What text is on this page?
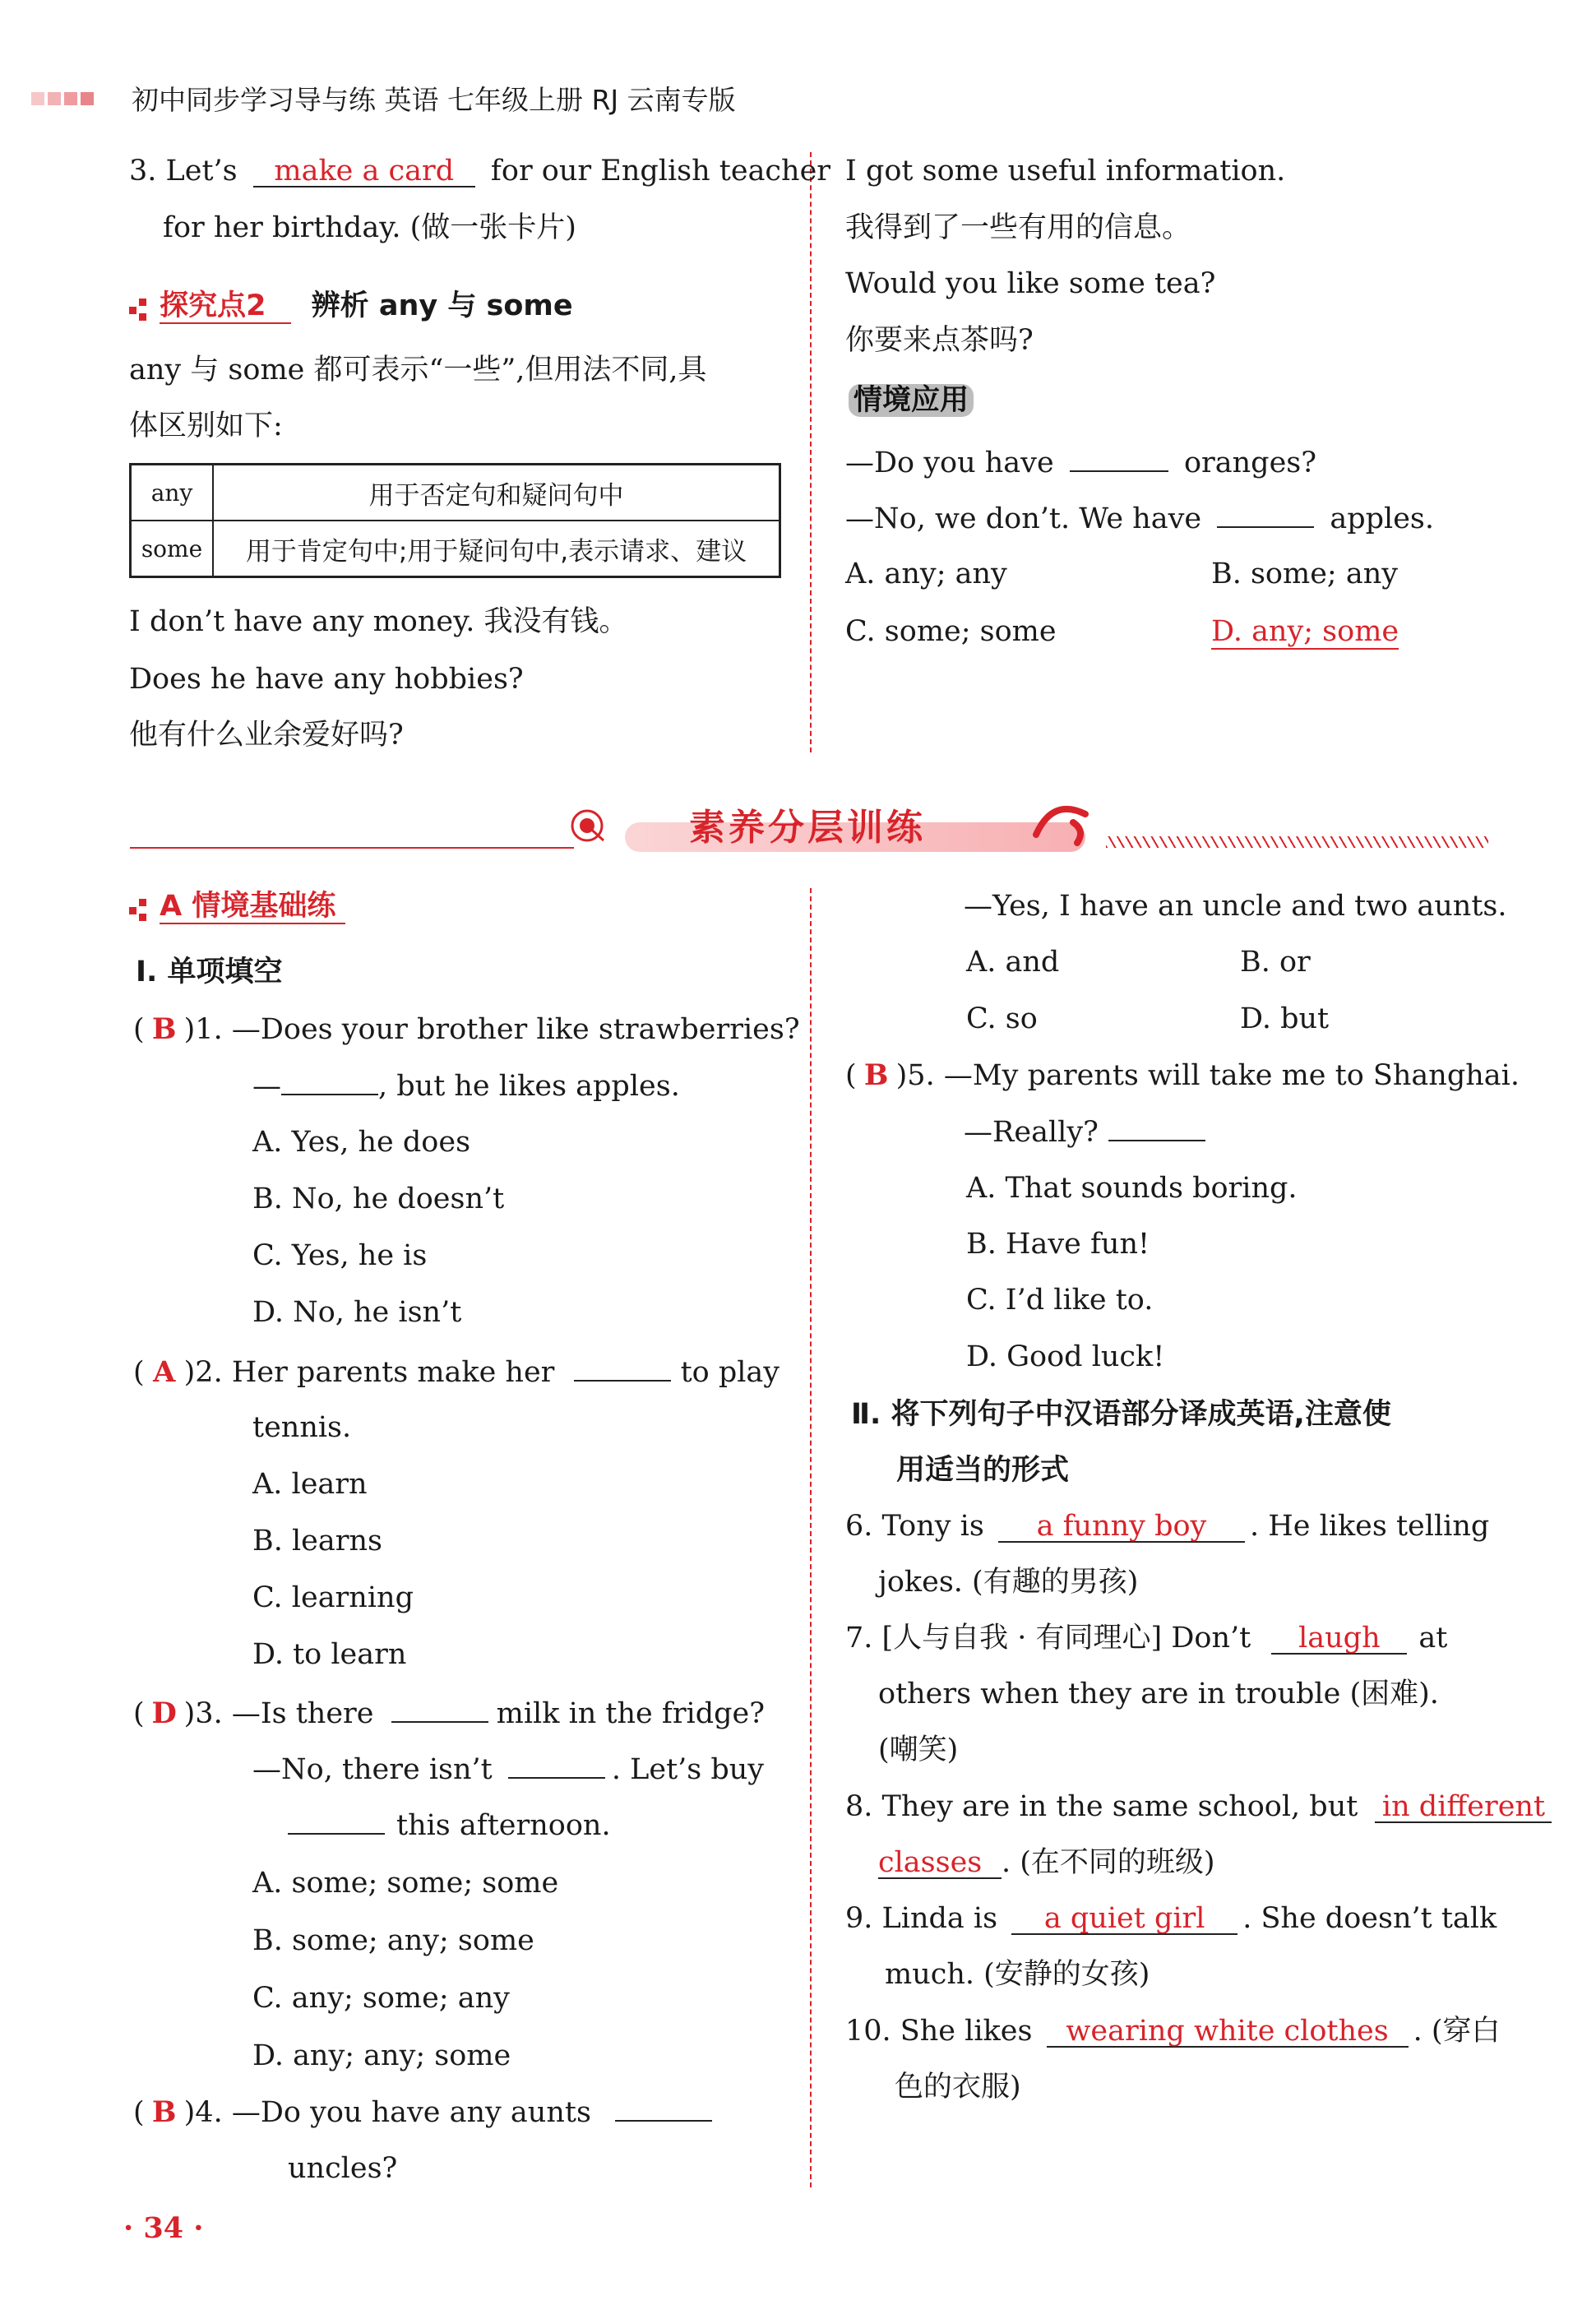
初中同步学习导与练 英语 七年级上册 RJ 云南专版
3. Let’s make a card for our English teacher
for her birthday. (做一张卡片)
探究点2 辨析 any 与 some
any 与 some 都可表示“一些”,但用法不同,具
体区别如下:
any	用于否定句和疑问句中
some	用于肯定句中;用于疑问句中,表示请求、建议
I don’t have any money. 我没有钱。
Does he have any hobbies?
他有什么业余爱好吗?
I got some useful information.
我得到了一些有用的信息。
Would you like some tea?
你要来点茶吗?
情境应用
—Do you have	oranges?
—No, we don’t. We have	apples.
A. any; any	B. some; any
C. some; some	D. any; some
素养分层训练
A 情境基础练
Ⅰ. 单项填空
( B )1. —Does your brother like strawberries?
—	, but he likes apples.
A. Yes, he does
B. No, he doesn’t
C. Yes, he is
D. No, he isn’t
( A )2. Her parents make her	to play
tennis.
A. learn
B. learns
C. learning
D. to learn
( D )3. —Is there	milk in the fridge?
—No, there isn’t	. Let’s buy
this afternoon.
A. some; some; some
B. some; any; some
C. any; some; any
D. any; any; some
( B )4. —Do you have any aunts
uncles?
—Yes, I have an uncle and two aunts.
A. and	B. or
C. so	D. but
( B )5. —My parents will take me to Shanghai.
—Really?
A. That sounds boring.
B. Have fun!
C. I’d like to.
D. Good luck!
Ⅱ. 将下列句子中汉语部分译成英语,注意使
用适当的形式
6. Tony is a funny boy . He likes telling
jokes. (有趣的男孩)
7. [人与自我 · 有同理心] Don’t laugh at
others when they are in trouble (困难).
(嘲笑)
8. They are in the same school, but in different
classes . (在不同的班级)
9. Linda is a quiet girl . She doesn’t talk
much. (安静的女孩)
10. She likes wearing white clothes . (穿白
色的衣服)
· 34 ·
